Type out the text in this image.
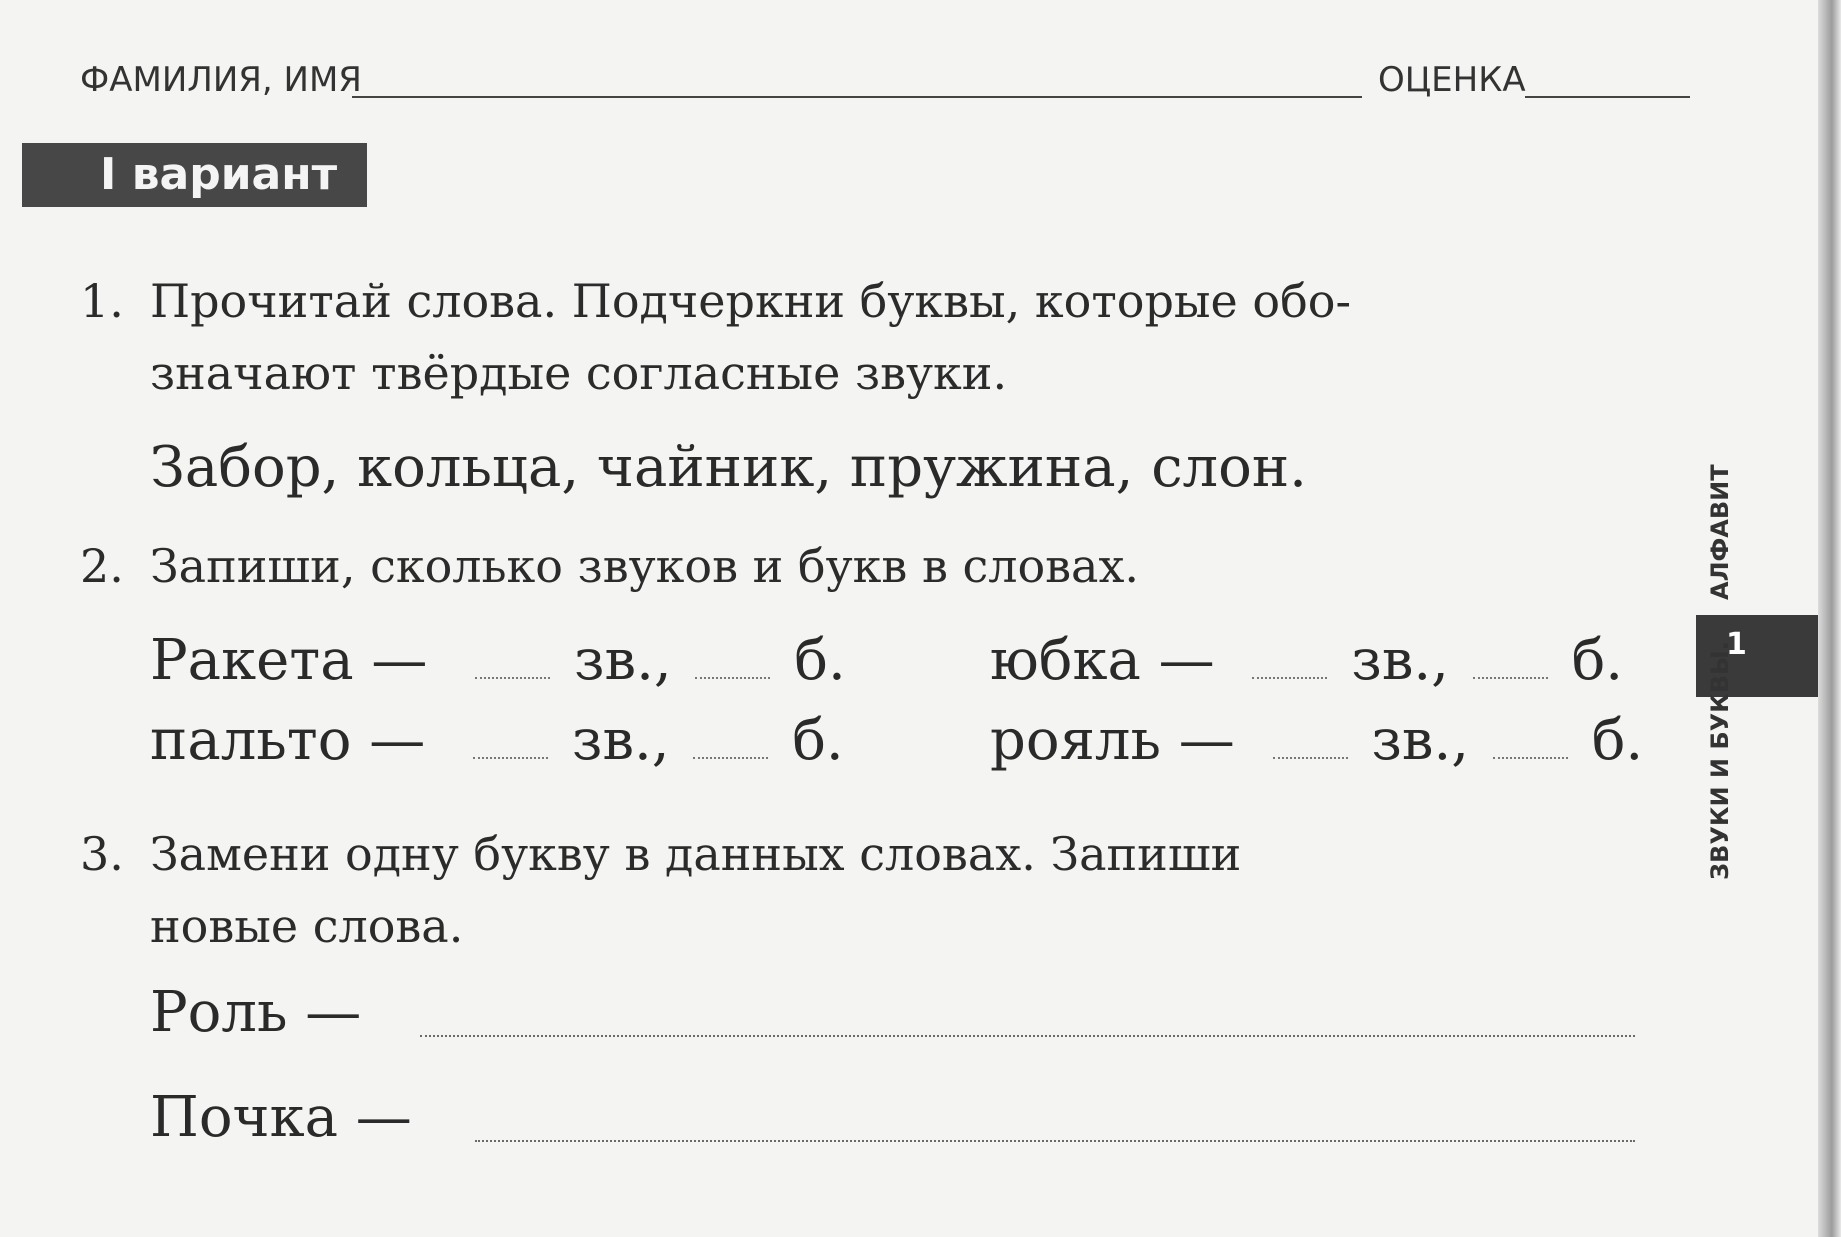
ФАМИЛИЯ, ИМЯ	ОЦЕНКА
I вариант
1. Прочитай слова. Подчеркни буквы, которые обо-
значают твёрдые согласные звуки.
Забор, кольца, чайник, пружина, слон.
2. Запиши, сколько звуков и букв в словах.
Ракета —	зв., б.	юбка — зв., б.
пальто —	зв., б.	рояль — зв., б.
3. Замени одну букву в данных словах. Запиши
новые слова.
Роль —
Почка —
АЛФАВИТ
1
ЗВУКИ И БУКВЫ.
